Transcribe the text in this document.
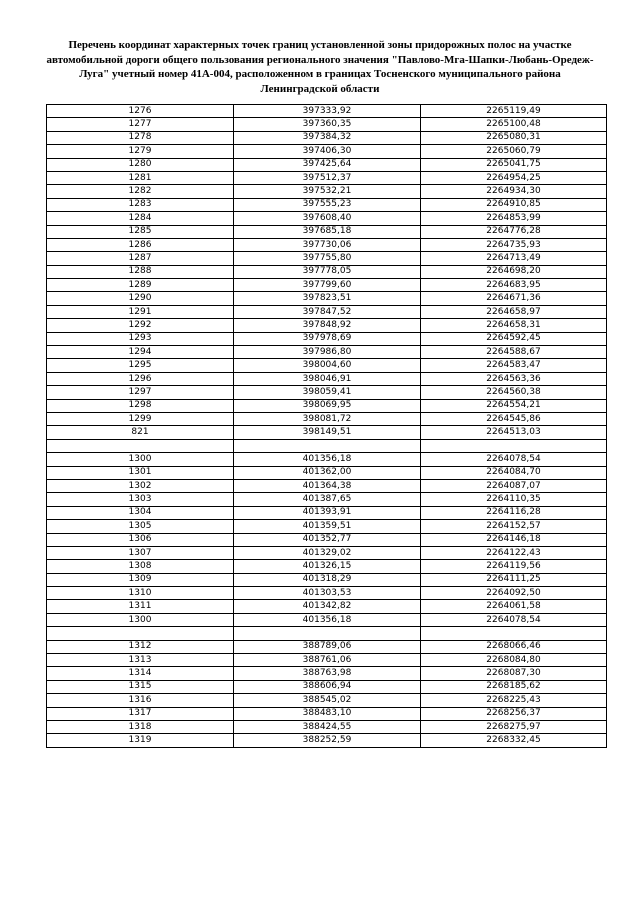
Перечень координат характерных точек границ установленной зоны придорожных полос на участке автомобильной дороги общего пользования регионального значения "Павлово-Мга-Шапки-Любань-Оредеж-Луга" учетный номер 41А-004, расположенном в границах Тосненского муниципального района Ленинградской области
1276	397333,92	2265119,49
1277	397360,35	2265100,48
1278	397384,32	2265080,31
1279	397406,30	2265060,79
1280	397425,64	2265041,75
1281	397512,37	2264954,25
1282	397532,21	2264934,30
1283	397555,23	2264910,85
1284	397608,40	2264853,99
1285	397685,18	2264776,28
1286	397730,06	2264735,93
1287	397755,80	2264713,49
1288	397778,05	2264698,20
1289	397799,60	2264683,95
1290	397823,51	2264671,36
1291	397847,52	2264658,97
1292	397848,92	2264658,31
1293	397978,69	2264592,45
1294	397986,80	2264588,67
1295	398004,60	2264583,47
1296	398046,91	2264563,36
1297	398059,41	2264560,38
1298	398069,95	2264554,21
1299	398081,72	2264545,86
821	398149,51	2264513,03

1300	401356,18	2264078,54
1301	401362,00	2264084,70
1302	401364,38	2264087,07
1303	401387,65	2264110,35
1304	401393,91	2264116,28
1305	401359,51	2264152,57
1306	401352,77	2264146,18
1307	401329,02	2264122,43
1308	401326,15	2264119,56
1309	401318,29	2264111,25
1310	401303,53	2264092,50
1311	401342,82	2264061,58
1300	401356,18	2264078,54

1312	388789,06	2268066,46
1313	388761,06	2268084,80
1314	388763,98	2268087,30
1315	388606,94	2268185,62
1316	388545,02	2268225,43
1317	388483,10	2268256,37
1318	388424,55	2268275,97
1319	388252,59	2268332,45
